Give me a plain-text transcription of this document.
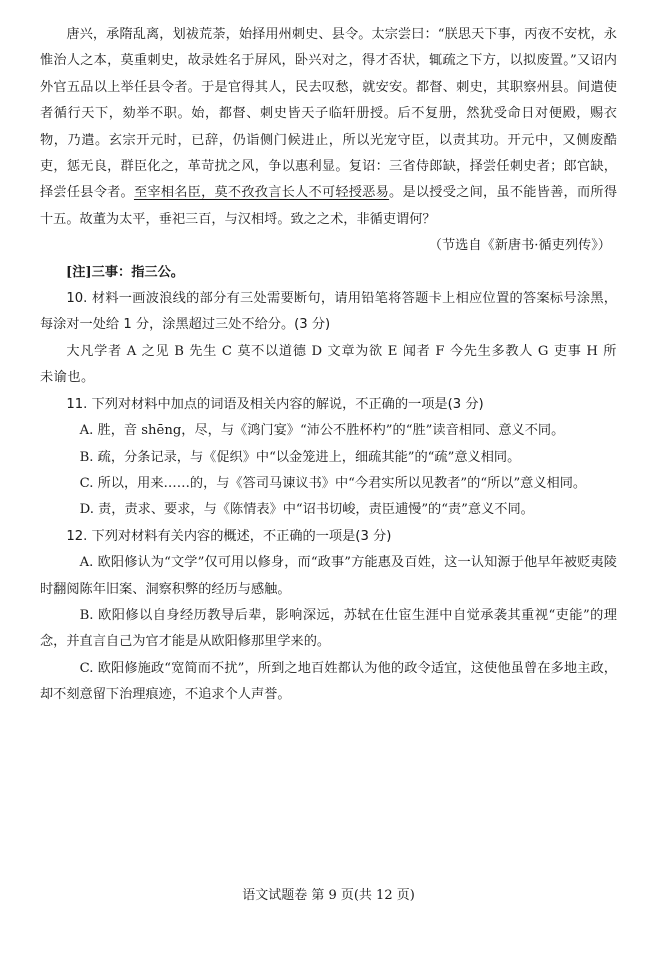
唐兴，承隋乱离，划祓荒荼，始择用州刺史、县令。太宗尝曰：“朕思天下事，丙夜不安枕，永惟治人之本，莫重刺史，故录姓名于屏风，卧兴对之，得才否状，辄疏之下方，以拟废置。”又诏内外官五品以上举任县令者。于是官得其人，民去叹愁，就安安。都督、刺史，其职察州县。间遣使者循行天下，劾举不职。始，都督、刺史皆天子临轩册授。后不复册，然犹受命日对便殿，赐衣物，乃遣。玄宗开元时，已辞，仍诣侧门候进止，所以光宠守臣，以责其功。开元中，又侧废酷吏，惩无良，群臣化之，革苛扰之风，争以惠利显。复诏：三省侍郎缺，择尝任刺史者；郎官缺，择尝任县令者。至宰相名臣，莫不孜孜言长人不可轻授恶易。是以授受之间，虽不能皆善，而所得十五。故董为太平，垂祀三百，与汉相埒。致之之术，非循吏谓何？

（节选自《新唐书·循吏列传》）

[注]三事：指三公。

10. 材料一画波浪线的部分有三处需要断句，请用铅笔将答题卡上相应位置的答案标号涂黑，每涂对一处给 1 分，涂黑超过三处不给分。(3 分)

大凡学者 A 之见 B 先生 C 莫不以道德 D 文章为欲 E 闻者 F 今先生多教人 G 吏事 H 所未谕也。

11. 下列对材料中加点的词语及相关内容的解说，不正确的一项是(3 分)

A. 胜，音 shēng，尽，与《鸿门宴》“沛公不胜杯杓”的“胜”读音相同、意义不同。

B. 疏，分条记录，与《促织》中“以金笼进上，细疏其能”的“疏”意义相同。

C. 所以，用来……的，与《答司马谏议书》中“今君实所以见教者”的“所以”意义相同。

D. 责，责求、要求，与《陈情表》中“诏书切峻，责臣逋慢”的“责”意义不同。

12. 下列对材料有关内容的概述，不正确的一项是(3 分)

A. 欧阳修认为“文学”仅可用以修身，而“政事”方能惠及百姓，这一认知源于他早年被贬夷陵时翻阅陈年旧案、洞察积弊的经历与感触。

B. 欧阳修以自身经历教导后辈，影响深远，苏轼在仕宦生涯中自觉承袭其重视“吏能”的理念，并直言自己为官才能是从欧阳修那里学来的。

C. 欧阳修施政“宽简而不扰”，所到之地百姓都认为他的政令适宜，这使他虽曾在多地主政，却不刻意留下治理痕迹，不追求个人声誉。

语文试题卷 第 9 页(共 12 页)
